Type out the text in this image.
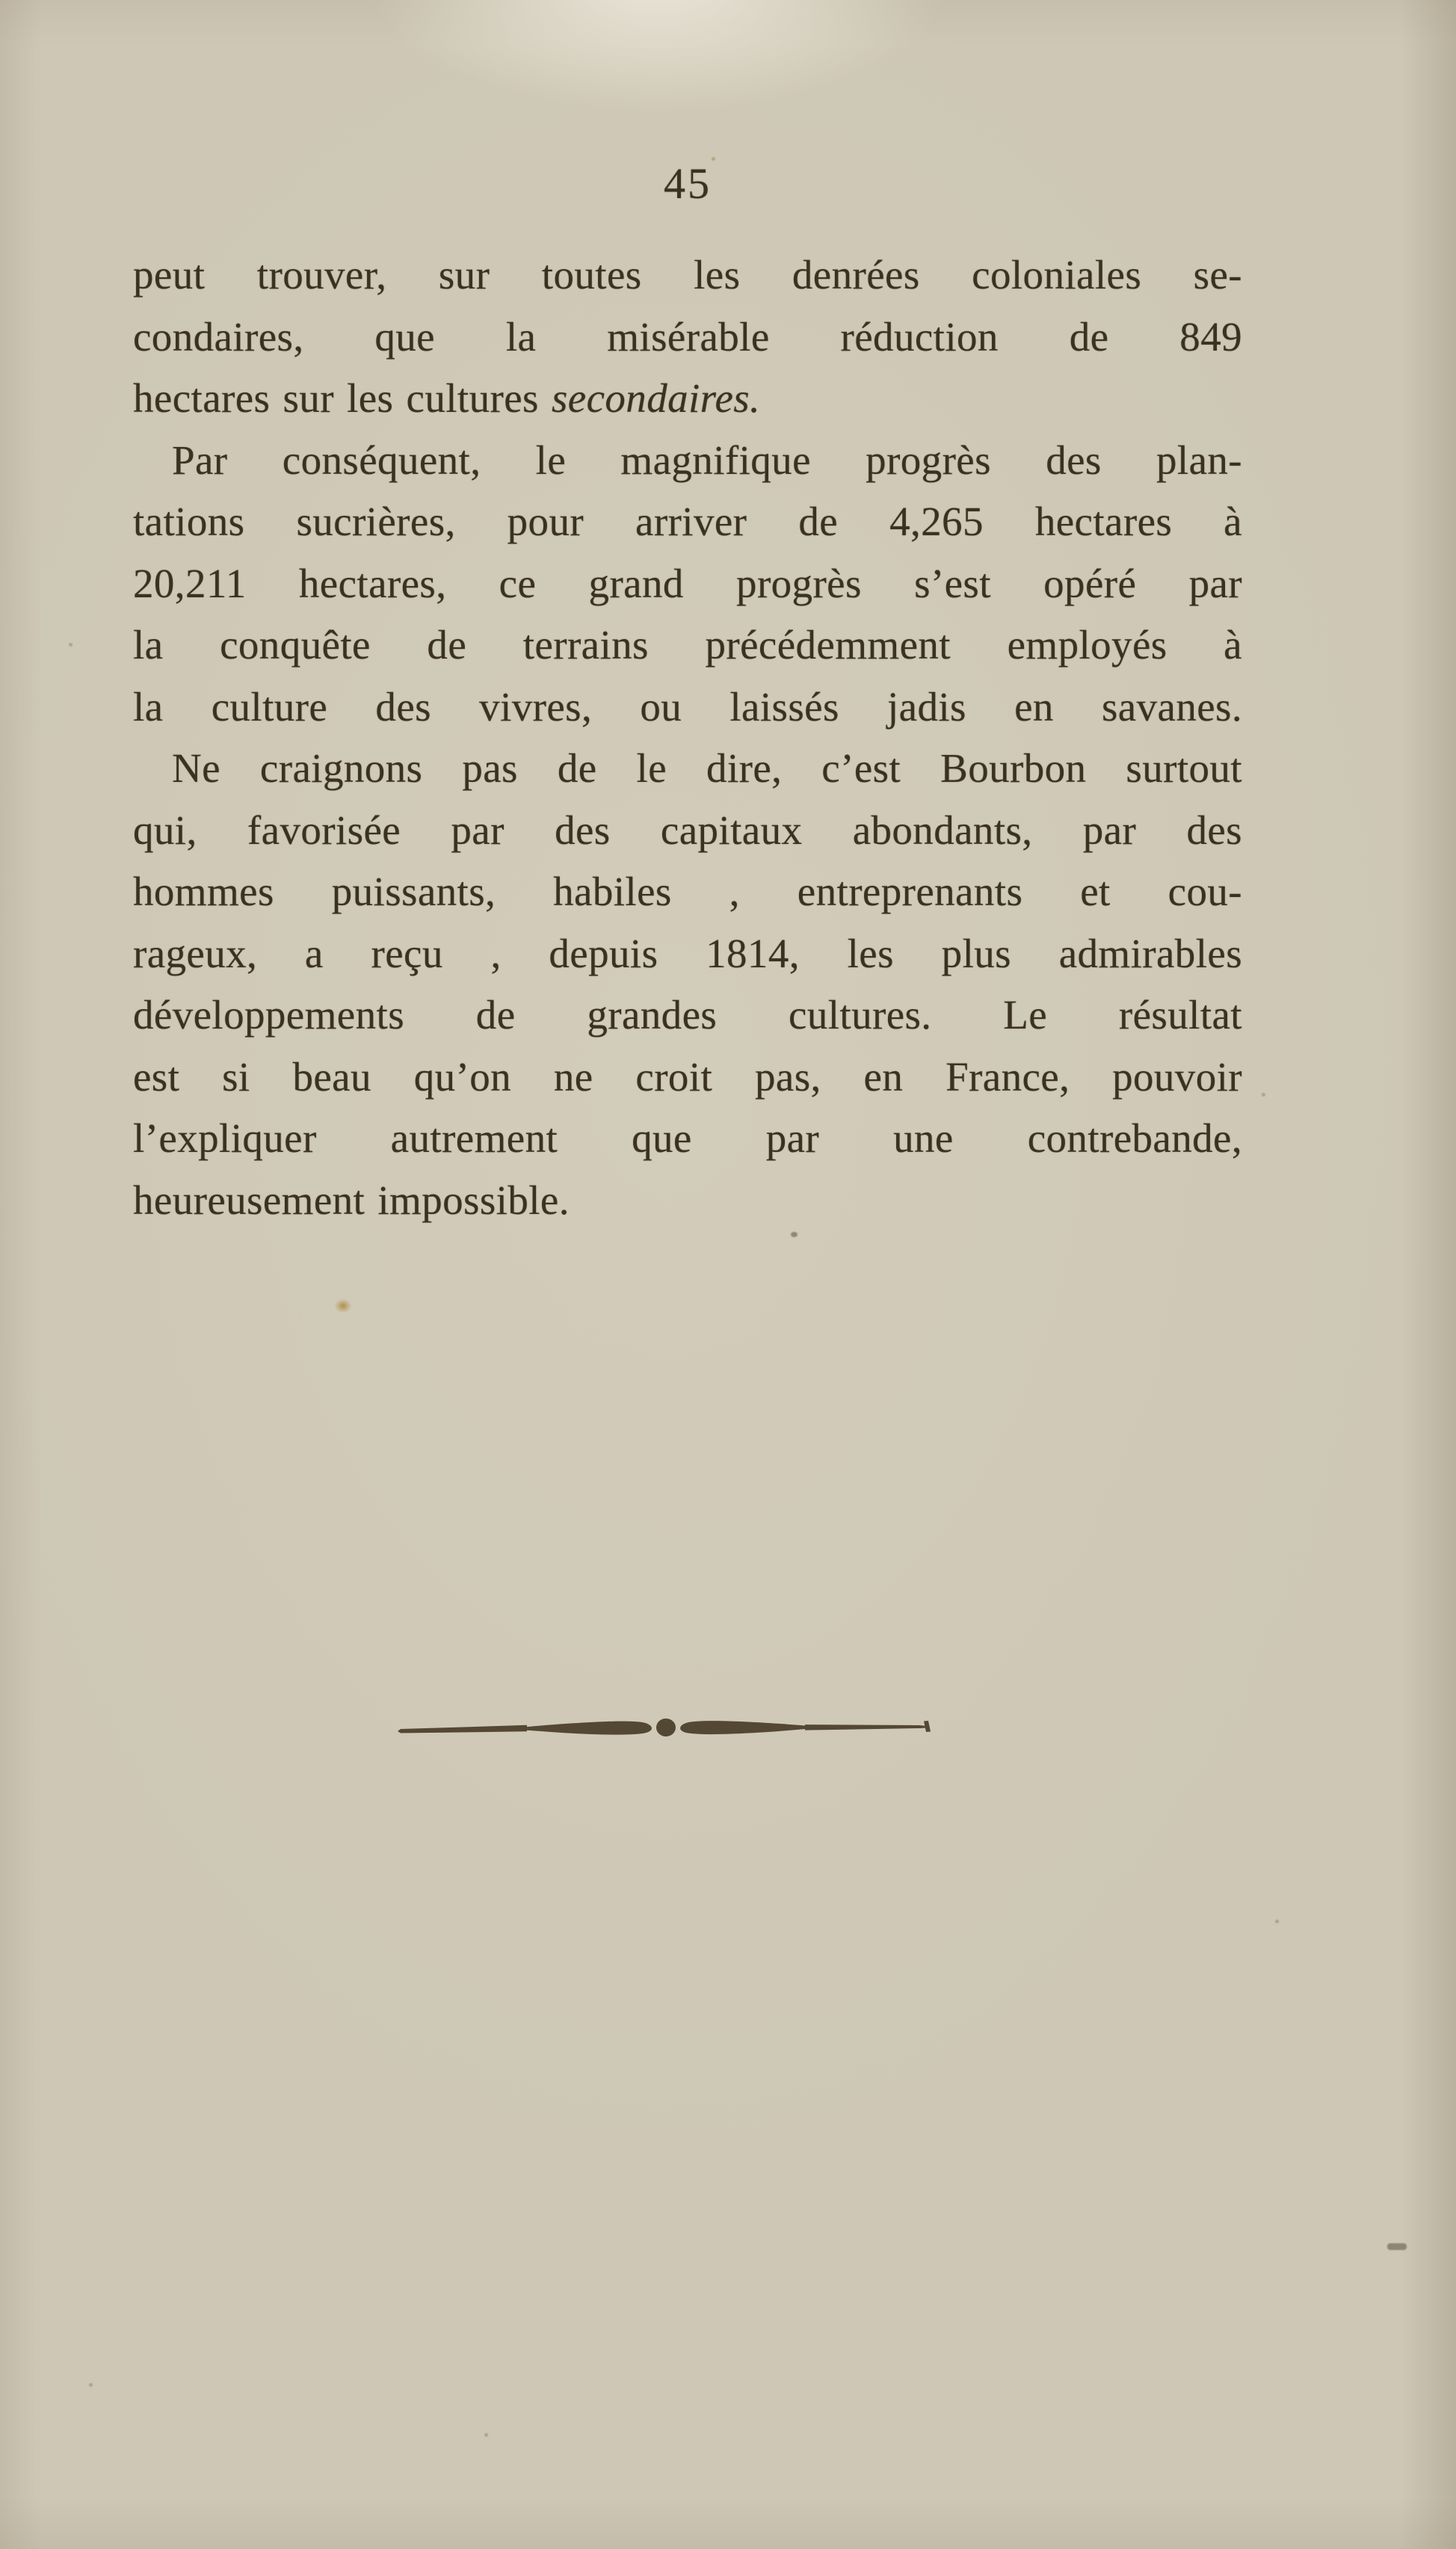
45
peut trouver, sur toutes les denrées coloniales se-
condaires, que la misérable réduction de 849
hectares sur les cultures secondaires.
Par conséquent, le magnifique progrès des plan-
tations sucrières, pour arriver de 4,265 hectares à
20,211 hectares, ce grand progrès s’est opéré par
la conquête de terrains précédemment employés à
la culture des vivres, ou laissés jadis en savanes.
Ne craignons pas de le dire, c’est Bourbon surtout
qui, favorisée par des capitaux abondants, par des
hommes puissants, habiles , entreprenants et cou-
rageux, a reçu , depuis 1814, les plus admirables
développements de grandes cultures. Le résultat
est si beau qu’on ne croit pas, en France, pouvoir
l’expliquer autrement que par une contrebande,
heureusement impossible.
